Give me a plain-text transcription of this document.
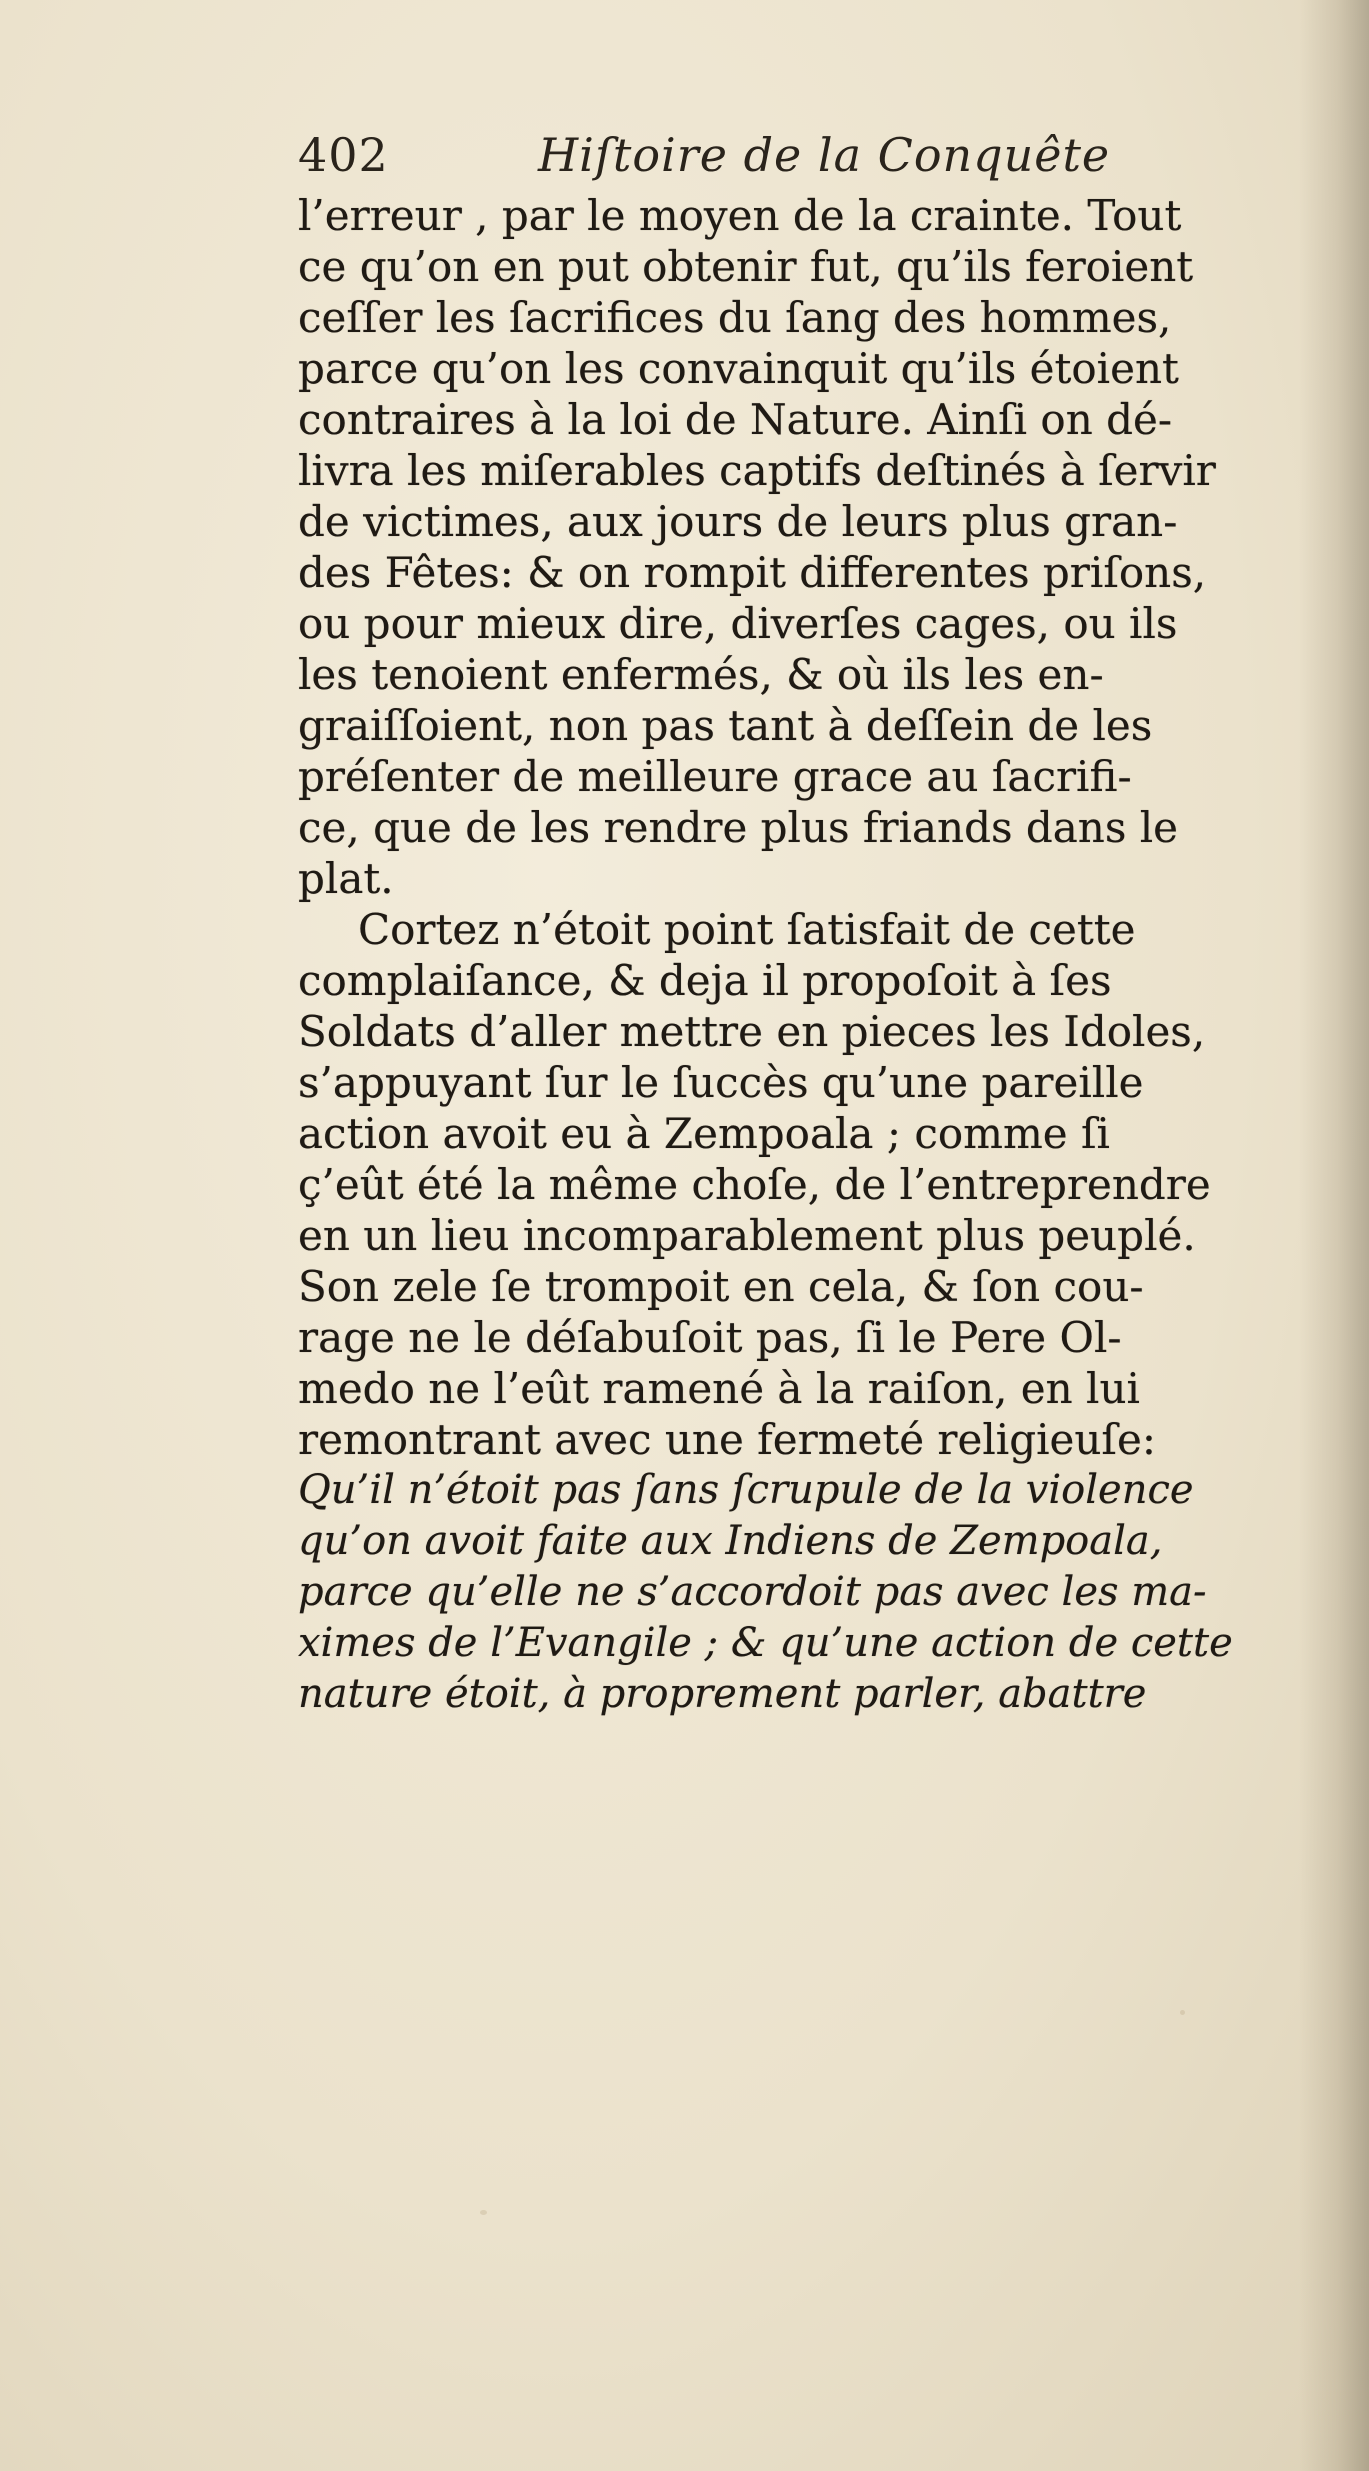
402	Hiſtoire de la Conquête
l’erreur , par le moyen de la crainte. Tout
ce qu’on en put obtenir fut, qu’ils feroient
ceſſer les ſacrifices du ſang des hommes,
parce qu’on les convainquit qu’ils étoient
contraires à la loi de Nature. Ainſi on dé-
livra les miſerables captifs deſtinés à ſervir
de victimes, aux jours de leurs plus gran-
des Fêtes: & on rompit differentes priſons,
ou pour mieux dire, diverſes cages, ou ils
les tenoient enfermés, & où ils les en-
graiſſoient, non pas tant à deſſein de les
préſenter de meilleure grace au ſacrifi-
ce, que de les rendre plus friands dans le
plat.
Cortez n’étoit point ſatisfait de cette
complaiſance, & deja il propoſoit à ſes
Soldats d’aller mettre en pieces les Idoles,
s’appuyant ſur le ſuccès qu’une pareille
action avoit eu à Zempoala ; comme ſi
ç’eût été la même choſe, de l’entreprendre
en un lieu incomparablement plus peuplé.
Son zele ſe trompoit en cela, & ſon cou-
rage ne le déſabuſoit pas, ſi le Pere Ol-
medo ne l’eût ramené à la raiſon, en lui
remontrant avec une fermeté religieuſe:
Qu’il n’étoit pas ſans ſcrupule de la violence
qu’on avoit faite aux Indiens de Zempoala,
parce qu’elle ne s’accordoit pas avec les ma-
ximes de l’Evangile ; & qu’une action de cette
nature étoit, à proprement parler, abattre
